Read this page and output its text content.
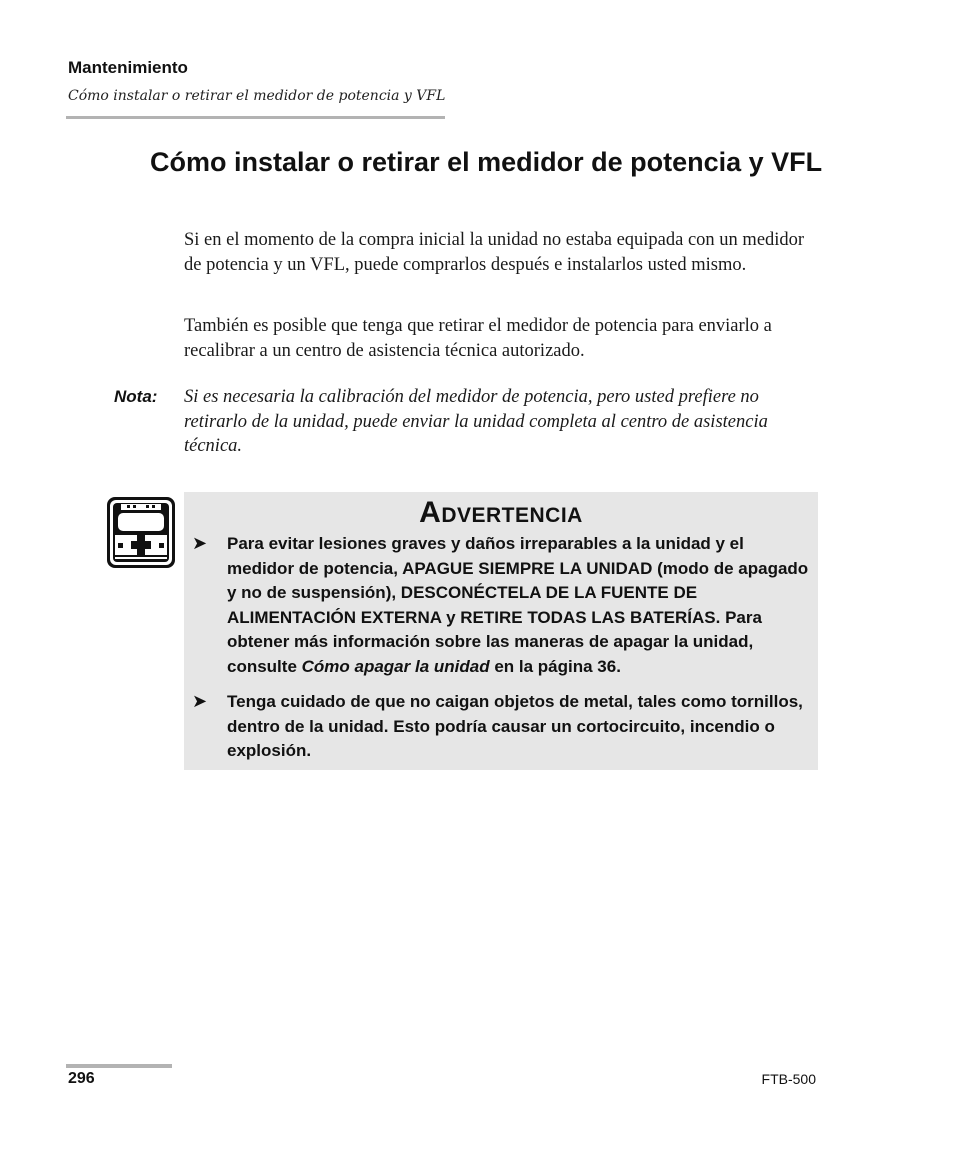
Mantenimiento
Cómo instalar o retirar el medidor de potencia y VFL
Cómo instalar o retirar el medidor de potencia y VFL

Si en el momento de la compra inicial la unidad no estaba equipada con un medidor de potencia y un VFL, puede comprarlos después e instalarlos usted mismo.

También es posible que tenga que retirar el medidor de potencia para enviarlo a recalibrar a un centro de asistencia técnica autorizado.

Nota: Si es necesaria la calibración del medidor de potencia, pero usted prefiere no retirarlo de la unidad, puede enviar la unidad completa al centro de asistencia técnica.

Advertencia
➤ Para evitar lesiones graves y daños irreparables a la unidad y el medidor de potencia, APAGUE SIEMPRE LA UNIDAD (modo de apagado y no de suspensión), DESCONÉCTELA DE LA FUENTE DE ALIMENTACIÓN EXTERNA y RETIRE TODAS LAS BATERÍAS. Para obtener más información sobre las maneras de apagar la unidad, consulte Cómo apagar la unidad en la página 36.

➤ Tenga cuidado de que no caigan objetos de metal, tales como tornillos, dentro de la unidad. Esto podría causar un cortocircuito, incendio o explosión.

296	FTB-500
